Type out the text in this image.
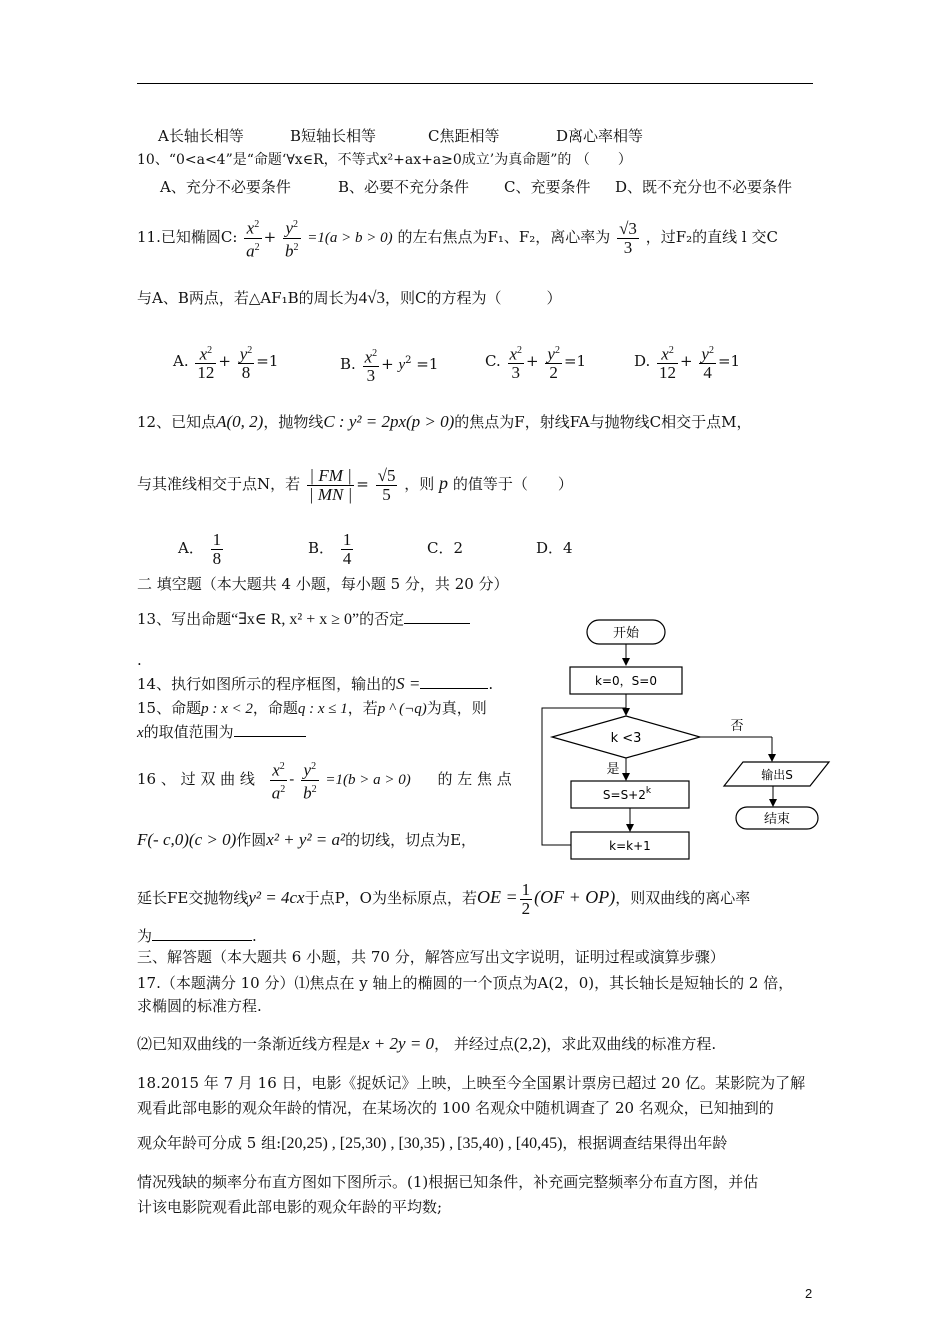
A长轴长相等	B短轴长相等	C焦距相等	D离心率相等
10、“0<a<4”是“命题‘∀x∈R，不等式x²+ax+a≥0成立’为真命题”的 （　　）
A、充分不必要条件	B、必要不充分条件 C、充要条件 D、既不充分也不必要条件
11.已知椭圆C: $\frac{x^2}{a^2} + \frac{y^2}{b^2} =1(a > b > 0)$ 的左右焦点为F₁、F₂，离心率为 $\frac{√3}{3}$ ，过F₂的直线 l 交C
与A、B两点，若△AF₁B的周长为4√3，则C的方程为（　　　）
A. $\frac{x^2}{12} + \frac{y^2}{8} =1$	B. $\frac{x^2}{3} + y^2 =1$	C. $\frac{x^2}{3} + \frac{y^2}{2} =1$	D. $\frac{x^2}{12} + \frac{y^2}{4} =1$
12、已知点A(0, 2)，抛物线C : y² = 2px(p > 0)的焦点为F，射线FA与抛物线C相交于点M，
与其准线相交于点N，若 $\frac{| FM |}{| MN |} = \frac{√5}{5}$ ，则 p 的值等于（　　）
A． $\frac{1}{8}$	B． $\frac{1}{4}$	C．2	D．4
二 填空题（本大题共 4 小题，每小题 5 分，共 20 分）
13、写出命题“∃x∈ R, x² + x ≥ 0”的否定
.
14、执行如图所示的程序框图，输出的S =	.
15、命题p : x < 2，命题q : x ≤ 1，若p ^ (¬q)为真，则
x的取值范围为
16 、 过 双 曲 线 $\frac{x^2}{a^2} - \frac{y^2}{b^2} =1(b > a > 0)$ 的 左 焦 点
F(- c,0)(c > 0)作圆x² + y² = a²的切线，切点为E，
延长FE交抛物线y² = 4cx于点P，O为坐标原点，若OE = $\frac{1}{2} (OF + OP)$，则双曲线的离心率
为	.
三、解答题（本大题共 6 小题，共 70 分，解答应写出文字说明，证明过程或演算步骤）
17.（本题满分 10 分）⑴焦点在 y 轴上的椭圆的一个顶点为A(2，0)，其长轴长是短轴长的 2 倍，
求椭圆的标准方程.
⑵已知双曲线的一条渐近线方程是x + 2y = 0， 并经过点(2,2)，求此双曲线的标准方程.
18.2015 年 7 月 16 日，电影《捉妖记》上映，上映至今全国累计票房已超过 20 亿。某影院为了解
观看此部电影的观众年龄的情况，在某场次的 100 名观众中随机调查了 20 名观众，已知抽到的
观众年龄可分成 5 组:[20,25) , [25,30) , [30,35) , [35,40) , [40,45)，根据调查结果得出年龄
情况残缺的频率分布直方图如下图所示。(1)根据已知条件，补充画完整频率分布直方图，并估
计该电影院观看此部电影的观众年龄的平均数;
开始
k=0，S=0
k <3
否
输出S
结束
是
$S=S+2^k$
k=k+1
2
